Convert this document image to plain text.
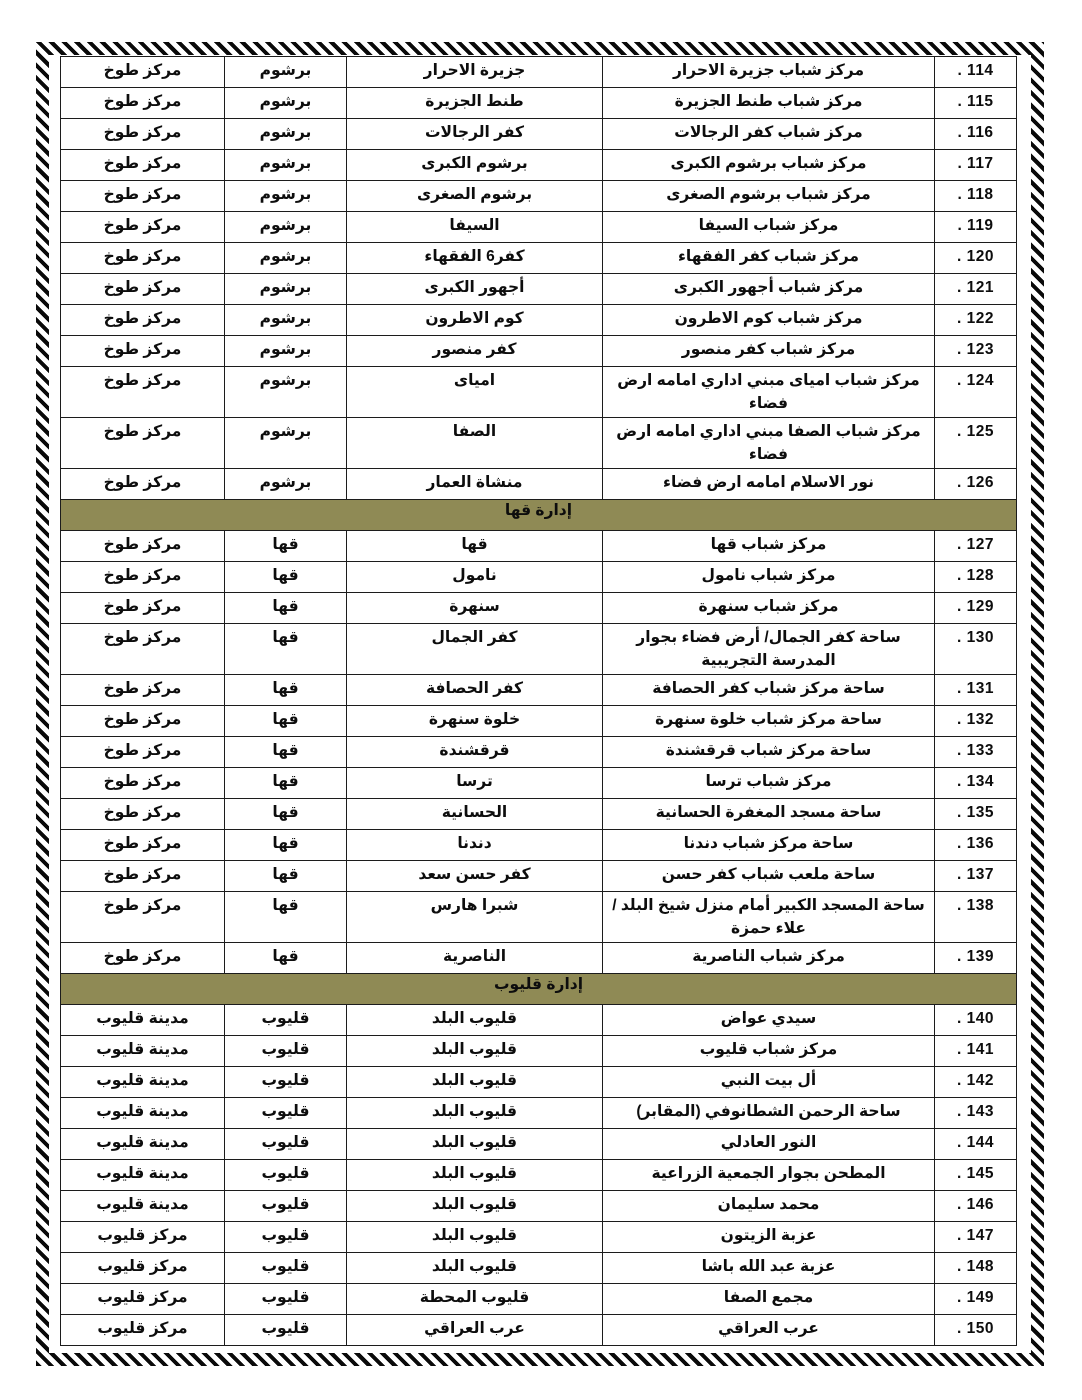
. 114	مركز شباب جزيرة الاحرار	جزيرة الاحرار	برشوم	مركز طوخ
. 115	مركز شباب طنط الجزيرة	طنط الجزيرة	برشوم	مركز طوخ
. 116	مركز شباب كفر الرجالات	كفر الرجالات	برشوم	مركز طوخ
. 117	مركز شباب برشوم الكبرى	برشوم الكبرى	برشوم	مركز طوخ
. 118	مركز شباب برشوم الصغرى	برشوم الصغرى	برشوم	مركز طوخ
. 119	مركز شباب السيفا	السيفا	برشوم	مركز طوخ
. 120	مركز شباب كفر الفقهاء	كفر6 الفقهاء	برشوم	مركز طوخ
. 121	مركز شباب أجهور الكبرى	أجهور الكبرى	برشوم	مركز طوخ
. 122	مركز شباب كوم الاطرون	كوم الاطرون	برشوم	مركز طوخ
. 123	مركز شباب كفر منصور	كفر منصور	برشوم	مركز طوخ
. 124	مركز شباب امياى مبني اداري امامه ارض فضاء	امياى	برشوم	مركز طوخ
. 125	مركز شباب الصفا مبني اداري امامه ارض فضاء	الصفا	برشوم	مركز طوخ
. 126	نور الاسلام امامه ارض فضاء	منشاة العمار	برشوم	مركز طوخ
إدارة قها				
. 127	مركز شباب قها	قها	قها	مركز طوخ
. 128	مركز شباب نامول	نامول	قها	مركز طوخ
. 129	مركز شباب سنهرة	سنهرة	قها	مركز طوخ
. 130	ساحة كفر الجمال/ أرض فضاء بجوار المدرسة التجريبية	كفر الجمال	قها	مركز طوخ
. 131	ساحة مركز شباب كفر الحصافة	كفر الحصافة	قها	مركز طوخ
. 132	ساحة مركز شباب خلوة سنهرة	خلوة سنهرة	قها	مركز طوخ
. 133	ساحة مركز شباب قرقشندة	قرقشندة	قها	مركز طوخ
. 134	مركز شباب ترسا	ترسا	قها	مركز طوخ
. 135	ساحة مسجد المغفرة الحسانية	الحسانية	قها	مركز طوخ
. 136	ساحة مركز شباب دندنا	دندنا	قها	مركز طوخ
. 137	ساحة ملعب شباب كفر حسن	كفر حسن سعد	قها	مركز طوخ
. 138	ساحة المسجد الكبير أمام منزل شيخ البلد / علاء حمزة	شبرا هارس	قها	مركز طوخ
. 139	مركز شباب الناصرية	الناصرية	قها	مركز طوخ
إدارة قليوب				
. 140	سيدي عواض	قليوب البلد	قليوب	مدينة قليوب
. 141	مركز شباب قليوب	قليوب البلد	قليوب	مدينة قليوب
. 142	أل بيت النبي	قليوب البلد	قليوب	مدينة قليوب
. 143	ساحة الرحمن الشطانوفي (المقابر)	قليوب البلد	قليوب	مدينة قليوب
. 144	النور العادلي	قليوب البلد	قليوب	مدينة قليوب
. 145	المطحن بجوار الجمعية الزراعية	قليوب البلد	قليوب	مدينة قليوب
. 146	محمد سليمان	قليوب البلد	قليوب	مدينة قليوب
. 147	عزبة الزيتون	قليوب البلد	قليوب	مركز قليوب
. 148	عزبة عبد الله باشا	قليوب البلد	قليوب	مركز قليوب
. 149	مجمع الصفا	قليوب المحطة	قليوب	مركز قليوب
. 150	عرب العراقي	عرب العراقي	قليوب	مركز قليوب
